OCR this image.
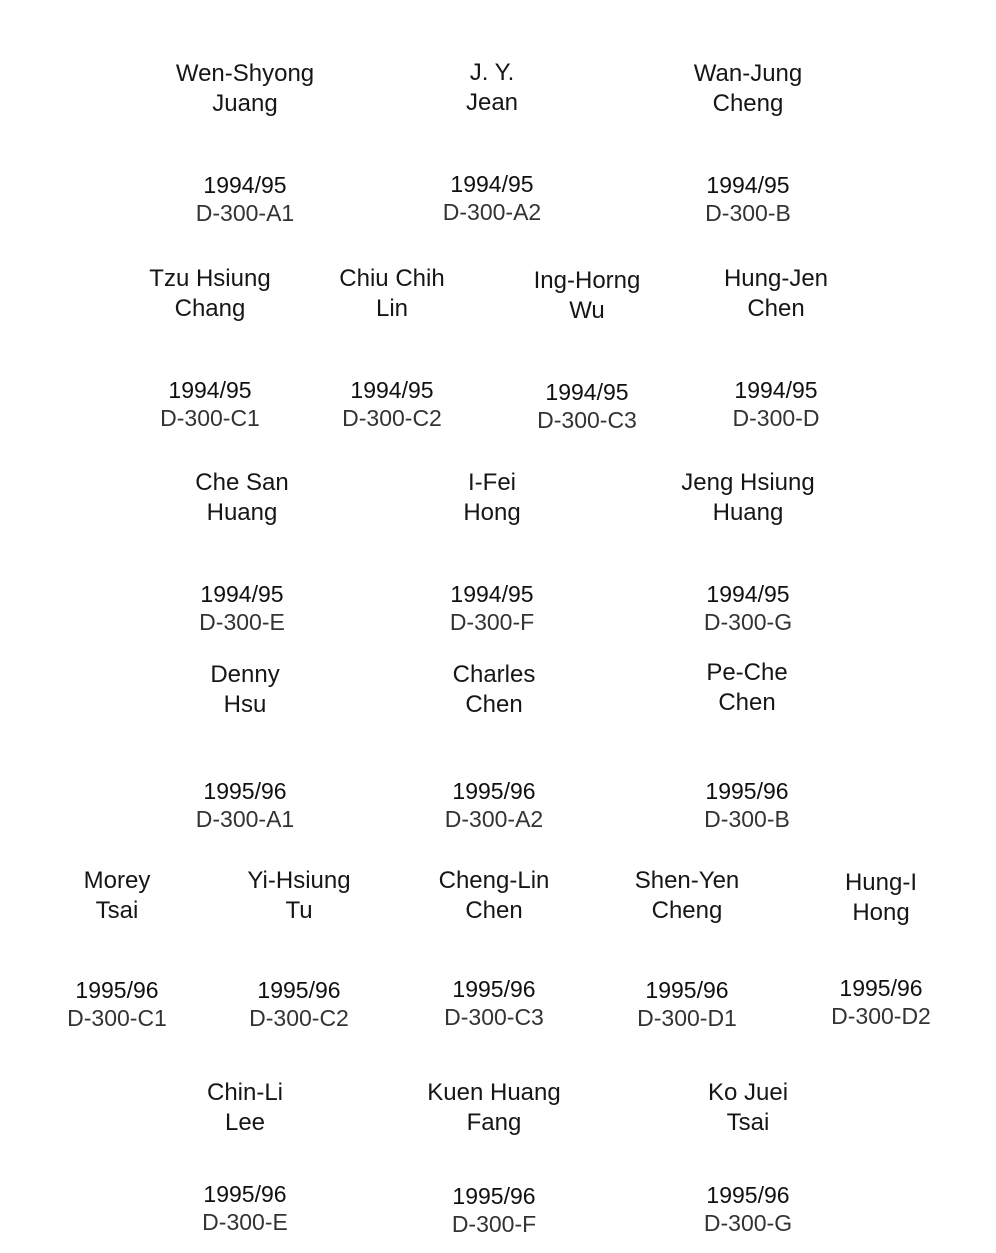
Wen-Shyong
Juang
1994/95
D-300-A1
J. Y.
Jean
1994/95
D-300-A2
Wan-Jung
Cheng
1994/95
D-300-B
Tzu Hsiung
Chang
1994/95
D-300-C1
Chiu Chih
Lin
1994/95
D-300-C2
Ing-Horng
Wu
1994/95
D-300-C3
Hung-Jen
Chen
1994/95
D-300-D
Che San
Huang
1994/95
D-300-E
I-Fei
Hong
1994/95
D-300-F
Jeng Hsiung
Huang
1994/95
D-300-G
Denny
Hsu
1995/96
D-300-A1
Charles
Chen
1995/96
D-300-A2
Pe-Che
Chen
1995/96
D-300-B
Morey
Tsai
1995/96
D-300-C1
Yi-Hsiung
Tu
1995/96
D-300-C2
Cheng-Lin
Chen
1995/96
D-300-C3
Shen-Yen
Cheng
1995/96
D-300-D1
Hung-I
Hong
1995/96
D-300-D2
Chin-Li
Lee
1995/96
D-300-E
Kuen Huang
Fang
1995/96
D-300-F
Ko Juei
Tsai
1995/96
D-300-G
